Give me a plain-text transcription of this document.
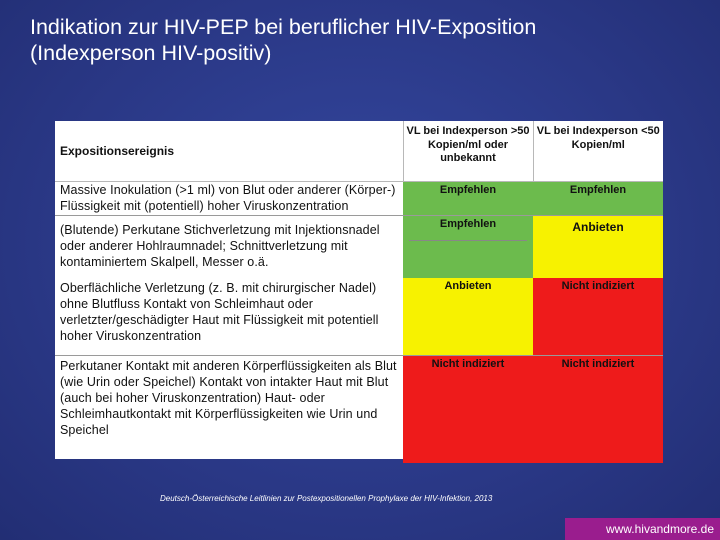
Indikation zur HIV-PEP bei beruflicher HIV-Exposition
(Indexperson HIV-positiv)
Expositionsereignis	VL bei Indexperson >50 Kopien/ml oder unbekannt	VL bei Indexperson <50 Kopien/ml
Massive Inokulation (>1 ml) von Blut oder anderer (Körper-) Flüssigkeit mit (potentiell) hoher Viruskonzentration	Empfehlen	Empfehlen
(Blutende) Perkutane Stichverletzung mit Injektionsnadel oder anderer Hohlraumnadel; Schnittverletzung mit kontaminiertem Skalpell, Messer o.ä.	Empfehlen	Anbieten
Oberflächliche Verletzung (z. B. mit chirurgischer Nadel) ohne Blutfluss Kontakt von Schleimhaut oder verletzter/geschädigter Haut mit Flüssigkeit mit potentiell hoher Viruskonzentration	Anbieten	Nicht indiziert
Perkutaner Kontakt mit anderen Körperflüssigkeiten als Blut (wie Urin oder Speichel) Kontakt von intakter Haut mit Blut (auch bei hoher Viruskonzentration) Haut- oder Schleimhautkontakt mit Körperflüssigkeiten wie Urin und Speichel	Nicht indiziert	Nicht indiziert
Deutsch-Österreichische Leitlinien zur Postexpositionellen Prophylaxe der HIV-Infektion, 2013
www.hivandmore.de
